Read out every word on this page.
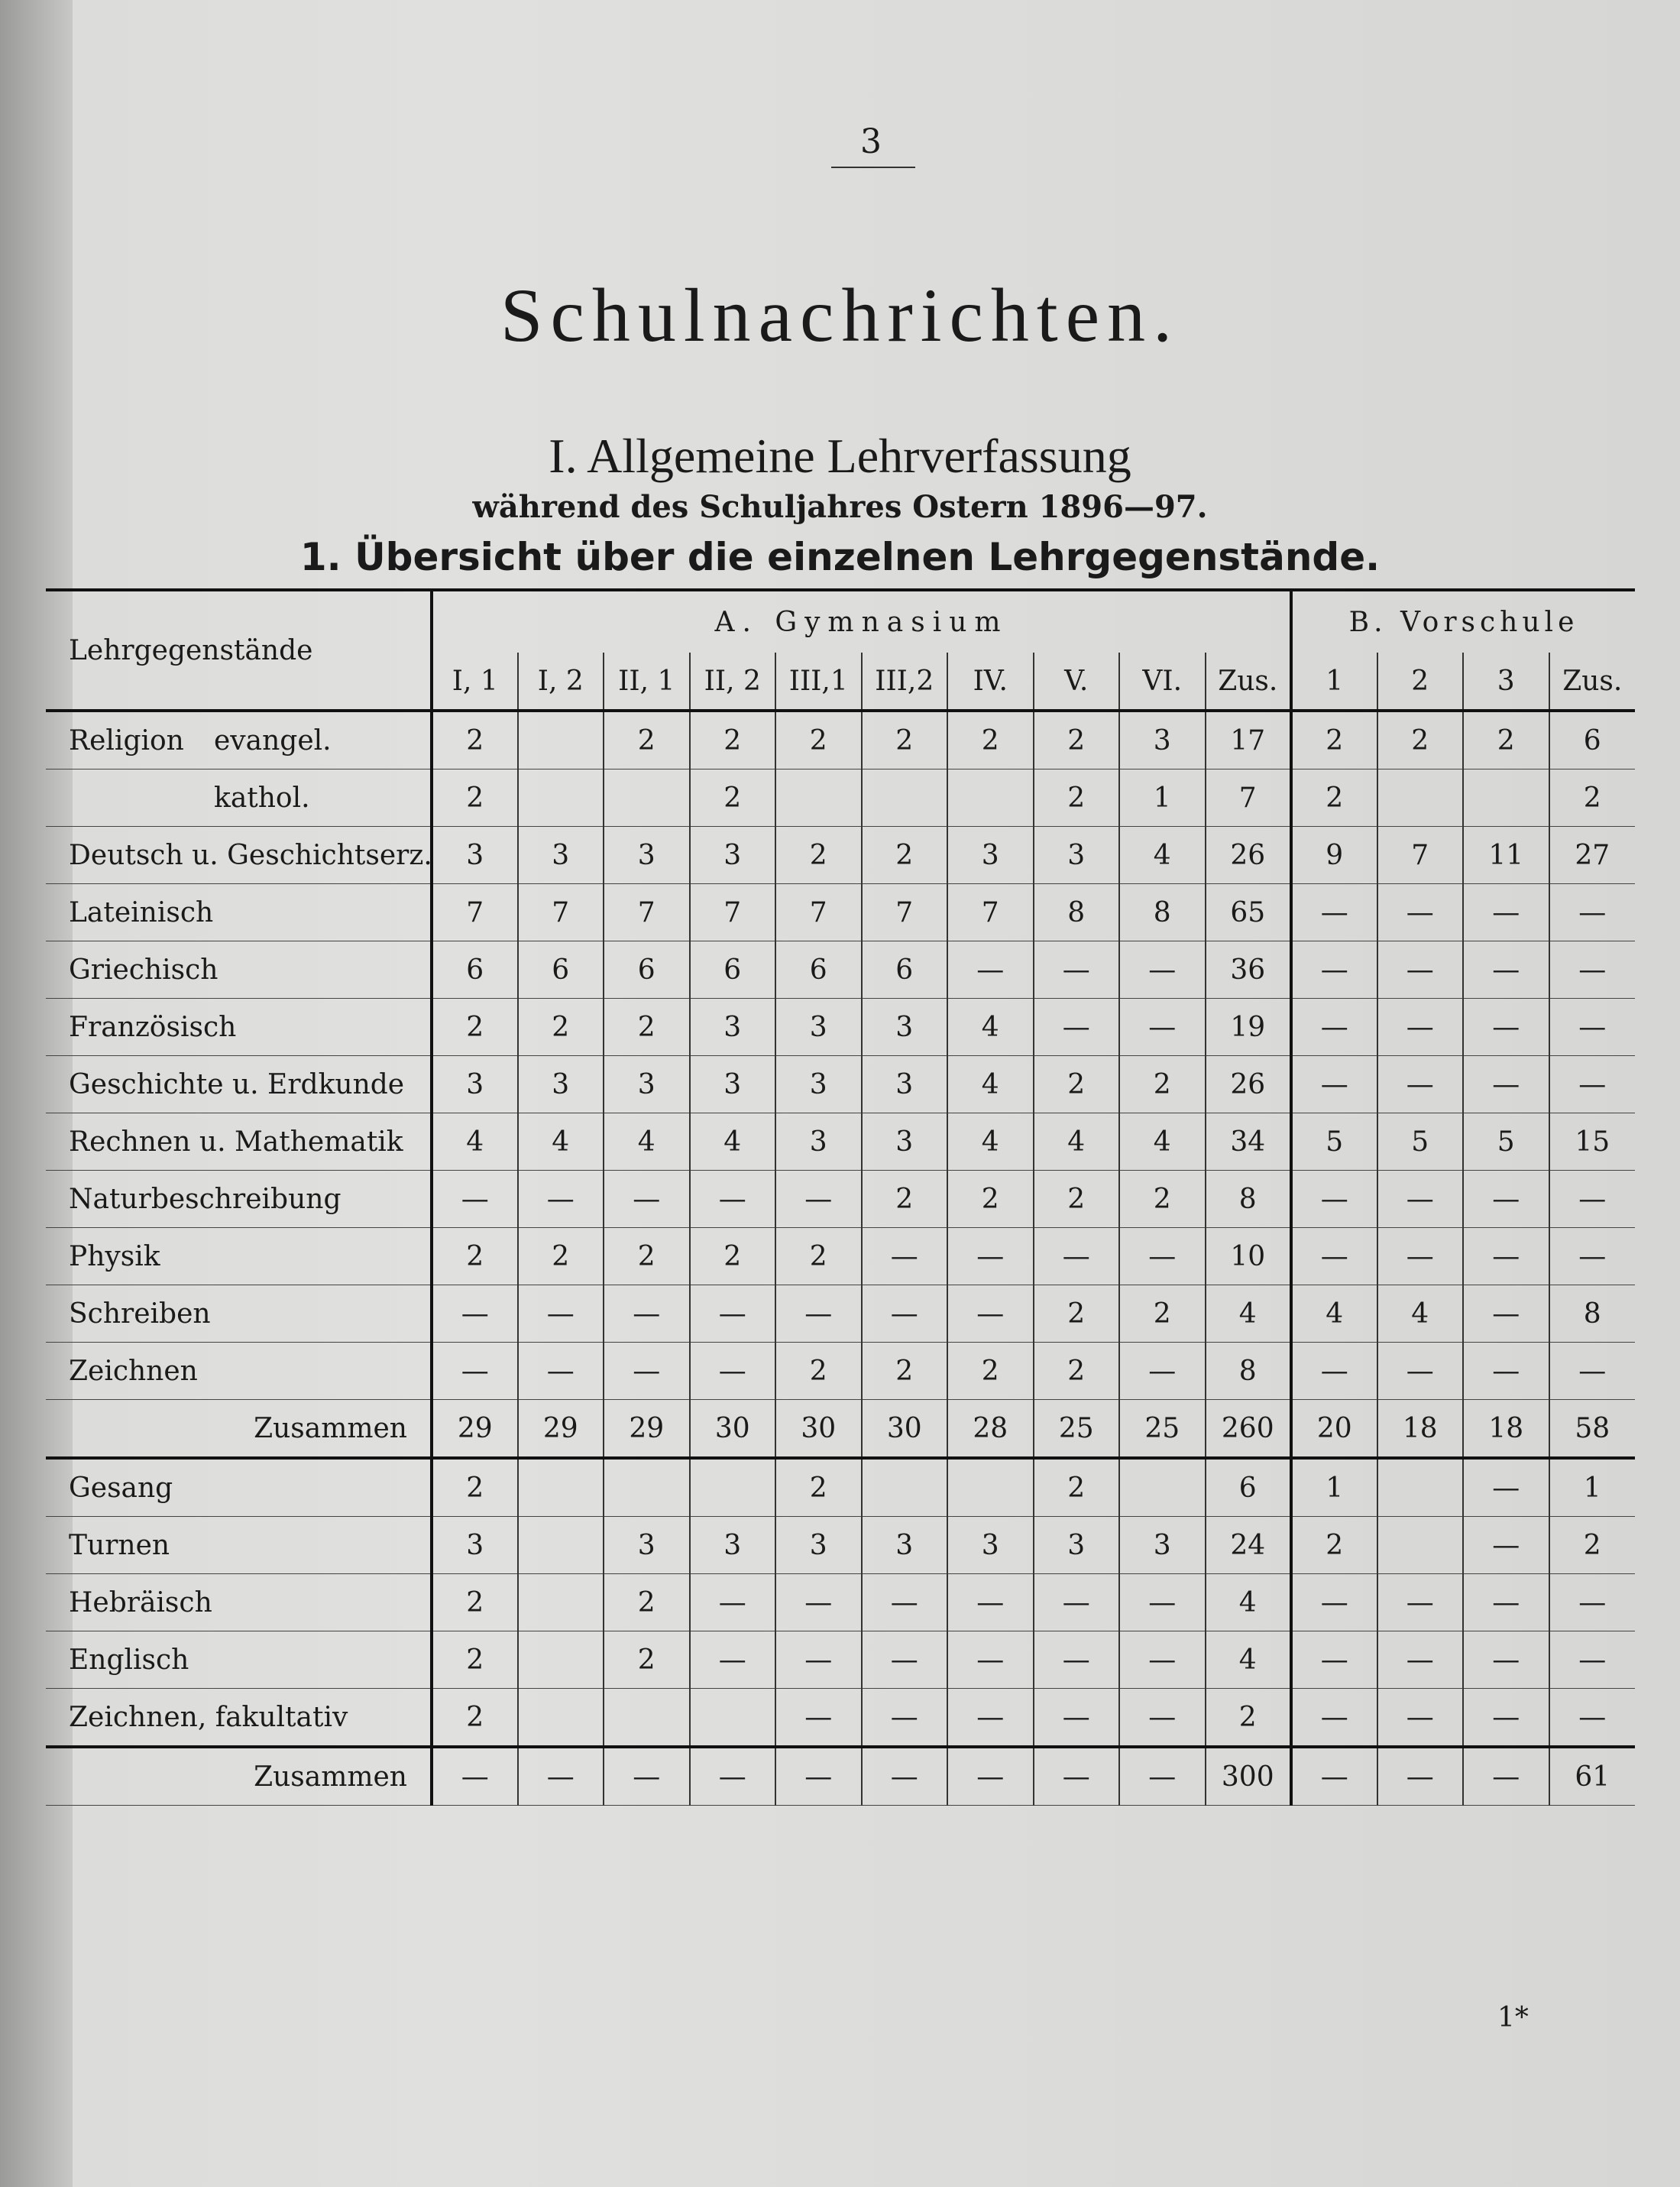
3
Schulnachrichten.
I. Allgemeine Lehrverfassung
während des Schuljahres Ostern 1896—97.
1. Übersicht über die einzelnen Lehrgegenstände.
Lehrgegenstände	A. Gymnasium										B. Vorschule			
	I, 1	I, 2	II, 1	II, 2	III,1	III,2	IV.	V.	VI.	Zus.	1	2	3	Zus.
Religion evangel.	2		2	2	2	2	2	2	3	17	2	2	2	6
kathol.	2			2				2	1	7	2			2
Deutsch u. Geschichtserz.	3	3	3	3	2	2	3	3	4	26	9	7	11	27
Lateinisch	7	7	7	7	7	7	7	8	8	65	—	—	—	—
Griechisch	6	6	6	6	6	6	—	—	—	36	—	—	—	—
Französisch	2	2	2	3	3	3	4	—	—	19	—	—	—	—
Geschichte u. Erdkunde	3	3	3	3	3	3	4	2	2	26	—	—	—	—
Rechnen u. Mathematik	4	4	4	4	3	3	4	4	4	34	5	5	5	15
Naturbeschreibung	—	—	—	—	—	2	2	2	2	8	—	—	—	—
Physik	2	2	2	2	2	—	—	—	—	10	—	—	—	—
Schreiben	—	—	—	—	—	—	—	2	2	4	4	4	—	8
Zeichnen	—	—	—	—	2	2	2	2	—	8	—	—	—	—
Zusammen	29	29	29	30	30	30	28	25	25	260	20	18	18	58
Gesang	2				2			2		6	1		—	1
Turnen	3		3	3	3	3	3	3	3	24	2		—	2
Hebräisch	2		2	—	—	—	—	—	—	4	—	—	—	—
Englisch	2		2	—	—	—	—	—	—	4	—	—	—	—
Zeichnen, fakultativ	2				—	—	—	—	—	2	—	—	—	—
Zusammen	—	—	—	—	—	—	—	—	—	300	—	—	—	61
1*
